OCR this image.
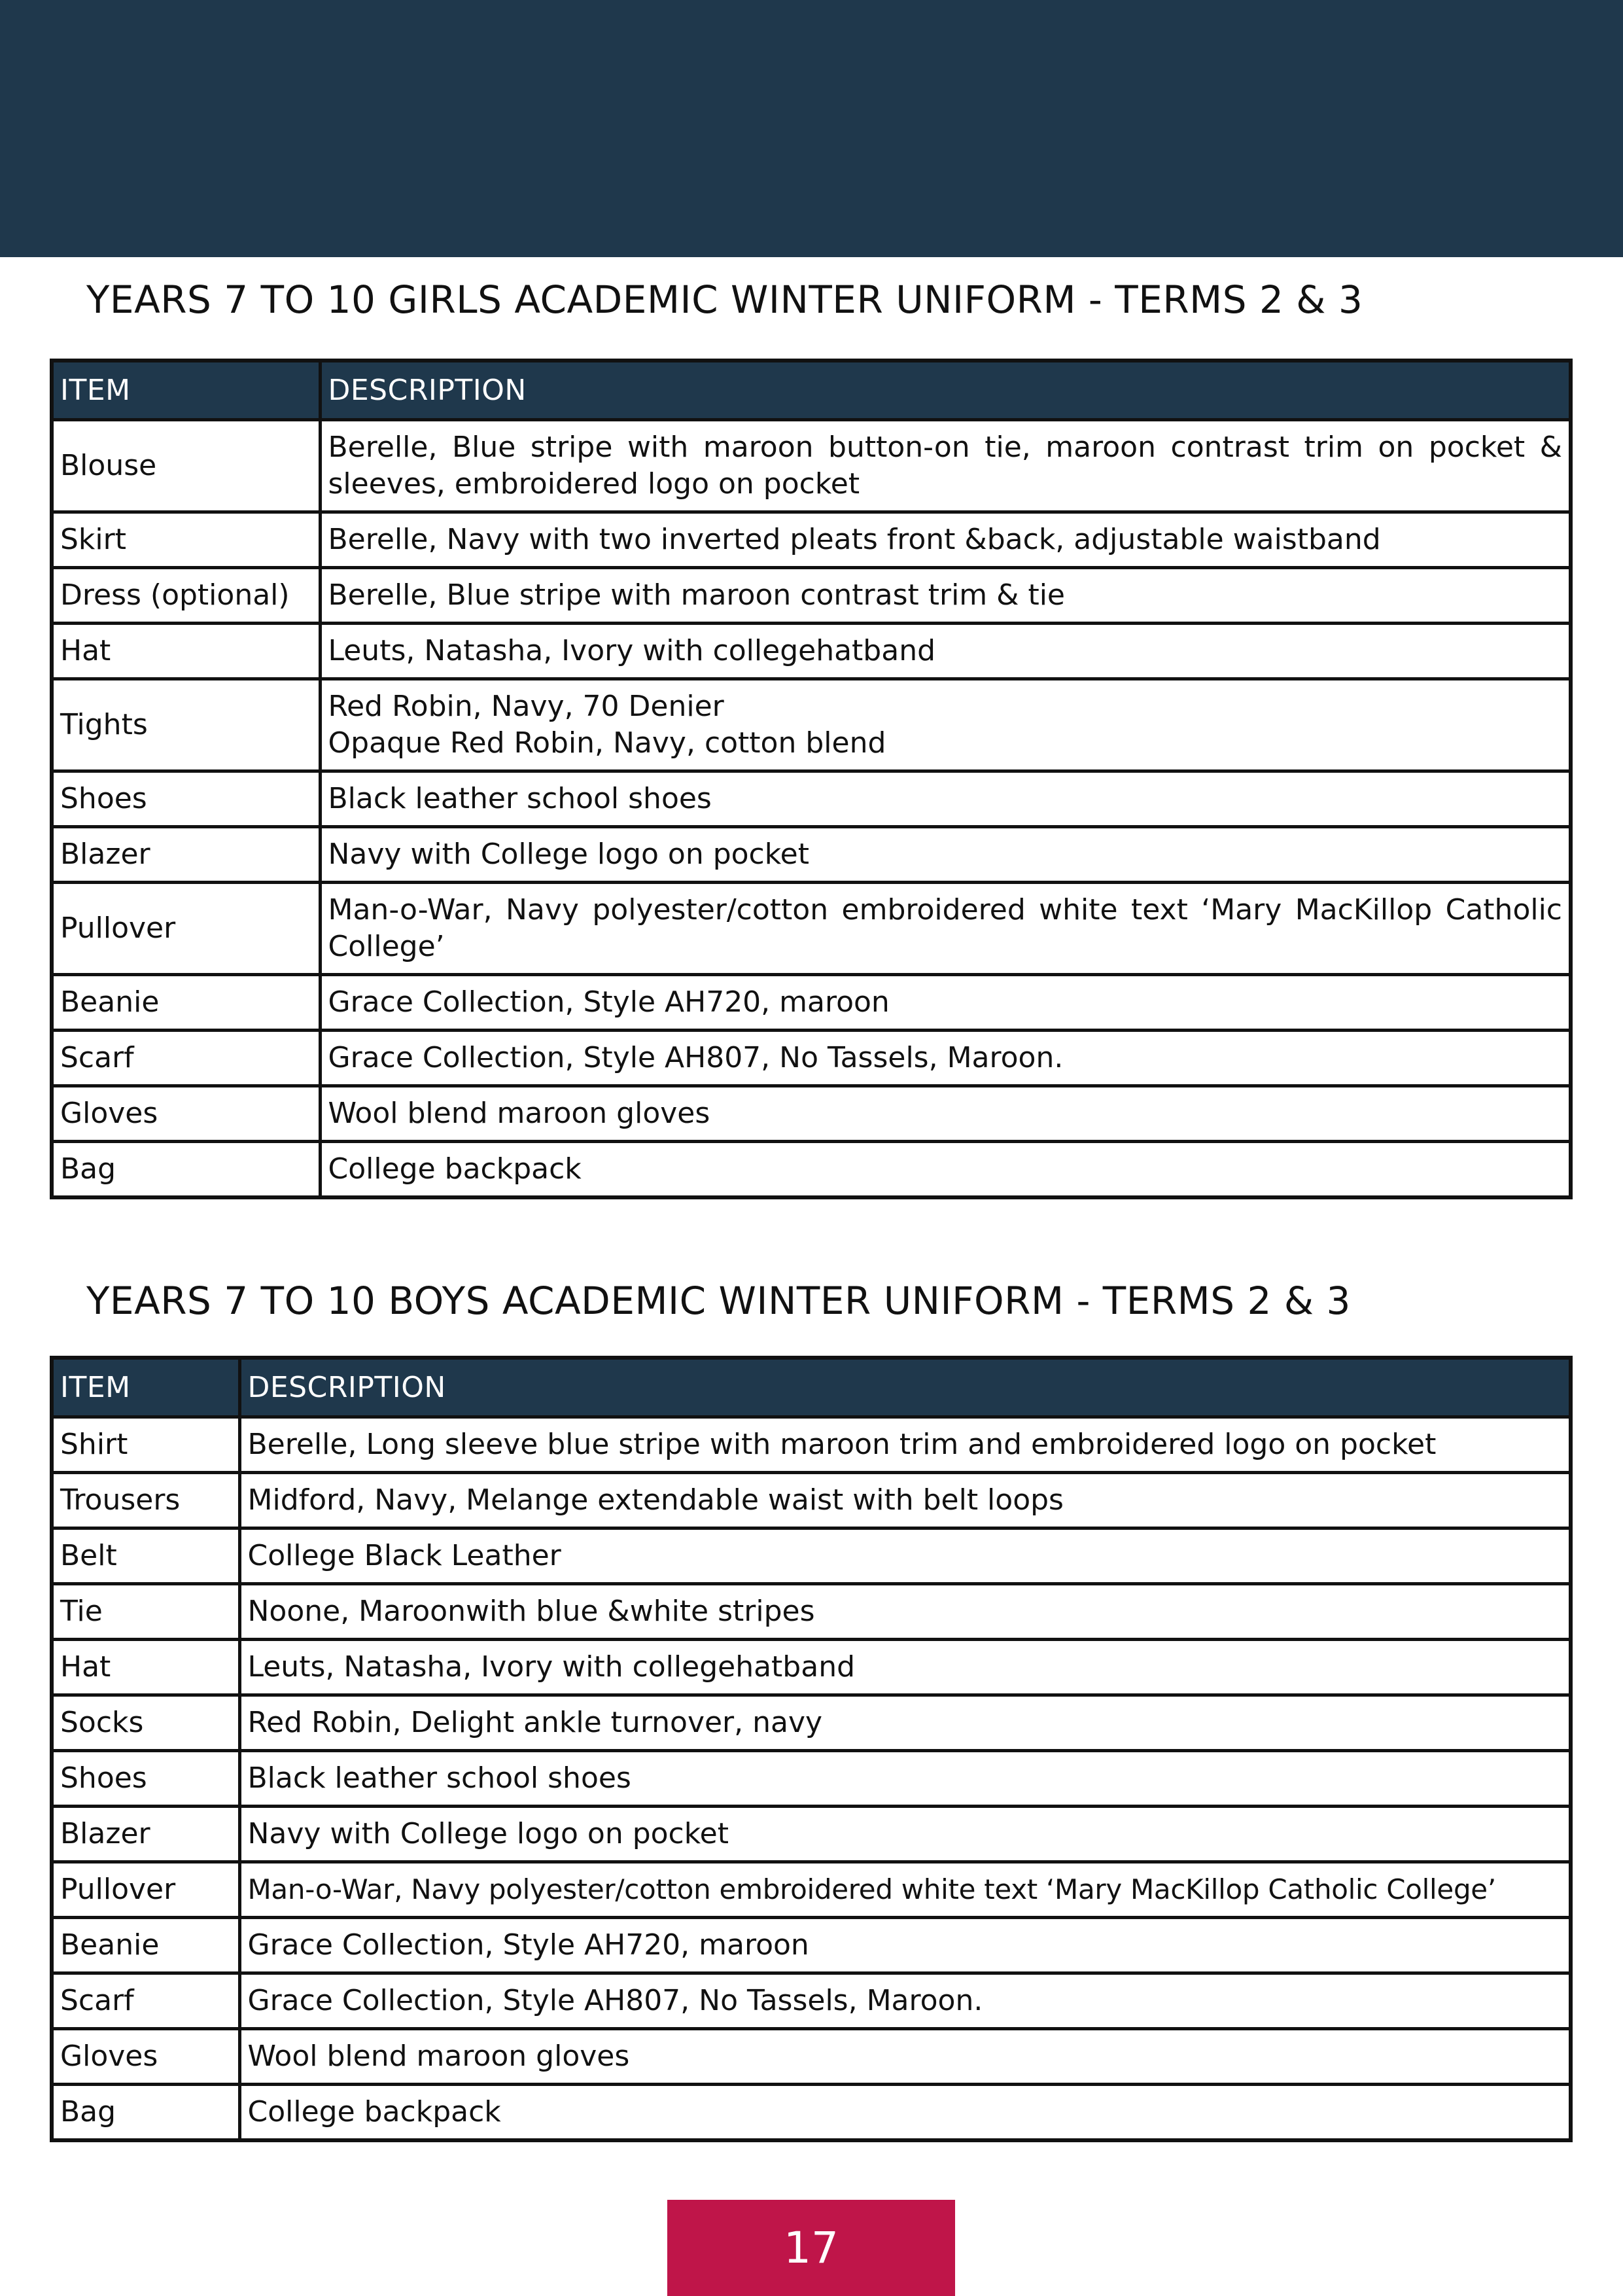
YEARS 7 TO 10 GIRLS ACADEMIC WINTER UNIFORM - TERMS 2 & 3
ITEM	DESCRIPTION
Blouse	Berelle, Blue stripe with maroon button-on tie, maroon contrast trim on pocket & sleeves, embroidered logo on pocket
Skirt	Berelle, Navy with two inverted pleats front &back, adjustable waistband
Dress (optional)	Berelle, Blue stripe with maroon contrast trim & tie
Hat	Leuts, Natasha, Ivory with collegehatband
Tights	Red Robin, Navy, 70 Denier
Opaque Red Robin, Navy, cotton blend

Shoes	Black leather school shoes
Blazer	Navy with College logo on pocket
Pullover	Man-o-War, Navy polyester/cotton embroidered white text ‘Mary MacKillop Catholic College’
Beanie	Grace Collection, Style AH720, maroon
Scarf	Grace Collection, Style AH807, No Tassels, Maroon.
Gloves	Wool blend maroon gloves
Bag	College backpack
YEARS 7 TO 10 BOYS ACADEMIC WINTER UNIFORM - TERMS 2 & 3
ITEM	DESCRIPTION
Shirt	Berelle, Long sleeve blue stripe with maroon trim and embroidered logo on pocket
Trousers	Midford, Navy, Melange extendable waist with belt loops
Belt	College Black Leather
Tie	Noone, Maroonwith blue &white stripes
Hat	Leuts, Natasha, Ivory with collegehatband
Socks	Red Robin, Delight ankle turnover, navy
Shoes	Black leather school shoes
Blazer	Navy with College logo on pocket
Pullover	Man-o-War, Navy polyester/cotton embroidered white text ‘Mary MacKillop Catholic College’
Beanie	Grace Collection, Style AH720, maroon
Scarf	Grace Collection, Style AH807, No Tassels, Maroon.
Gloves	Wool blend maroon gloves
Bag	College backpack
17
